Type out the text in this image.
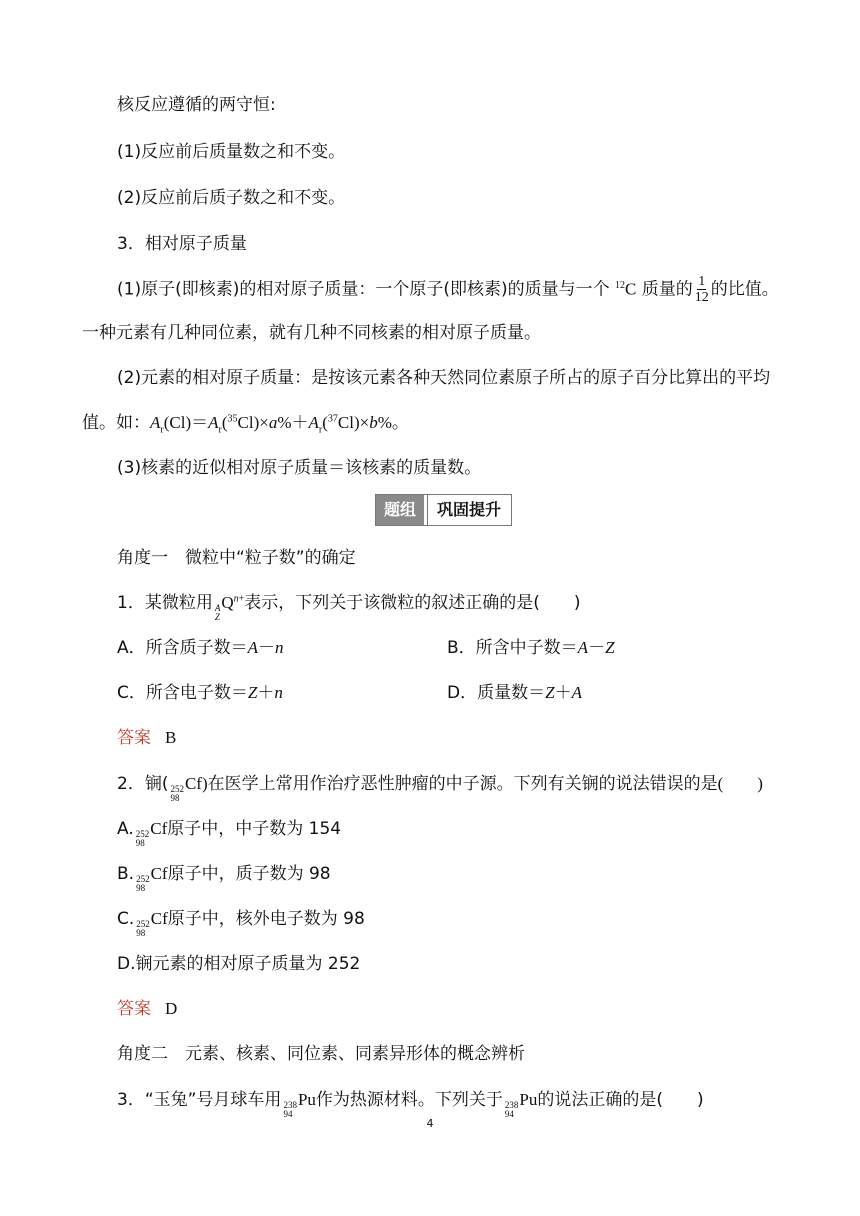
核反应遵循的两守恒:
(1)反应前后质量数之和不变。
(2)反应前后质子数之和不变。
3．相对原子质量
(1)原子(即核素)的相对原子质量：一个原子(即核素)的质量与一个 $^{12}$C 质量的 $\frac{1}{12}$ 的比值。
一种元素有几种同位素，就有几种不同核素的相对原子质量。
(2)元素的相对原子质量：是按该元素各种天然同位素原子所占的原子百分比算出的平均
值。如：$A_r(Cl)=A_r(^{35}Cl)\times a\%+A_r(^{37}Cl)\times b\%$。
(3)核素的近似相对原子质量＝该核素的质量数。
题组	巩固提升
角度一　微粒中“粒子数”的确定
1．某微粒用 A
Z
$Q^{n+}$表示，下列关于该微粒的叙述正确的是(　　)
A．所含质子数＝A－n	B．所含中子数＝A－Z
C．所含电子数＝Z＋n	D．质量数＝Z＋A
答案 B
2．锎( 252
98
Cf)在医学上常用作治疗恶性肿瘤的中子源。下列有关锎的说法错误的是(　　)
A. 252
98
Cf原子中，中子数为 154
B. 252
98
Cf原子中，质子数为 98
C. 252
98
Cf原子中，核外电子数为 98
D.锎元素的相对原子质量为 252
答案 D
角度二　元素、核素、同位素、同素异形体的概念辨析
3．“玉兔”号月球车用 238
94
Pu作为热源材料。下列关于 238
94
Pu的说法正确的是(　　)
4
